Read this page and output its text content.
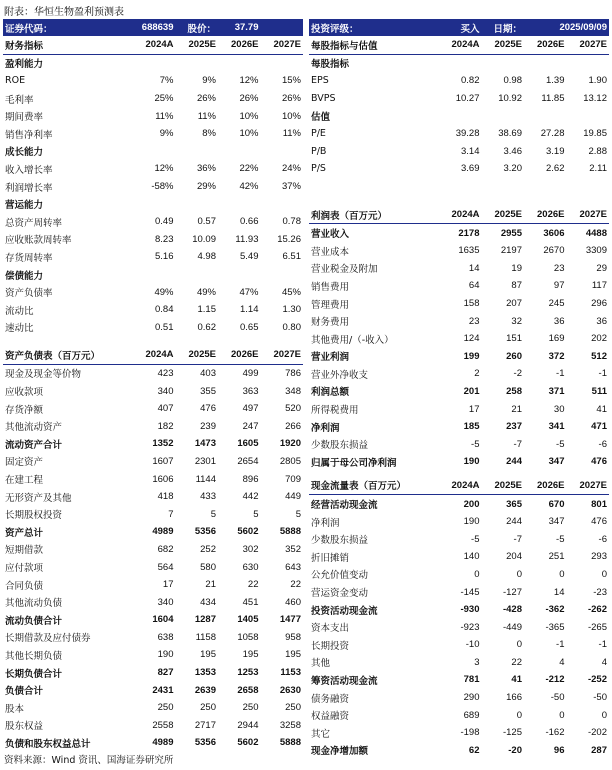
附表：华恒生物盈利预测表
证券代码：	688639	股价：	37.79	
财务指标	2024A	2025E	2026E	2027E
盈利能力				
ROE	7%	9%	12%	15%
毛利率	25%	26%	26%	26%
期间费率	11%	11%	10%	10%
销售净利率	9%	8%	10%	11%
成长能力				
收入增长率	12%	36%	22%	24%
利润增长率	-58%	29%	42%	37%
营运能力				
总资产周转率	0.49	0.57	0.66	0.78
应收账款周转率	8.23	10.09	11.93	15.26
存货周转率	5.16	4.98	5.49	6.51
偿债能力				
资产负债率	49%	49%	47%	45%
流动比	0.84	1.15	1.14	1.30
速动比	0.51	0.62	0.65	0.80
资产负债表（百万元）	2024A	2025E	2026E	2027E
现金及现金等价物	423	403	499	786
应收款项	340	355	363	348
存货净额	407	476	497	520
其他流动资产	182	239	247	266
流动资产合计	1352	1473	1605	1920
固定资产	1607	2301	2654	2805
在建工程	1606	1144	896	709
无形资产及其他	418	433	442	449
长期股权投资	7	5	5	5
资产总计	4989	5356	5602	5888
短期借款	682	252	302	352
应付款项	564	580	630	643
合同负债	17	21	22	22
其他流动负债	340	434	451	460
流动负债合计	1604	1287	1405	1477
长期借款及应付债券	638	1158	1058	958
其他长期负债	190	195	195	195
长期负债合计	827	1353	1253	1153
负债合计	2431	2639	2658	2630
股本	250	250	250	250
股东权益	2558	2717	2944	3258
负债和股东权益总计	4989	5356	5602	5888
投资评级：	买入	日期：	2025/09/09
每股指标与估值	2024A	2025E	2026E	2027E
每股指标				
EPS	0.82	0.98	1.39	1.90
BVPS	10.27	10.92	11.85	13.12
估值				
P/E	39.28	38.69	27.28	19.85
P/B	3.14	3.46	3.19	2.88
P/S	3.69	3.20	2.62	2.11
利润表（百万元）	2024A	2025E	2026E	2027E
营业收入	2178	2955	3606	4488
营业成本	1635	2197	2670	3309
营业税金及附加	14	19	23	29
销售费用	64	87	97	117
管理费用	158	207	245	296
财务费用	23	32	36	36
其他费用/（-收入）	124	151	169	202
营业利润	199	260	372	512
营业外净收支	2	-2	-1	-1
利润总额	201	258	371	511
所得税费用	17	21	30	41
净利润	185	237	341	471
少数股东损益	-5	-7	-5	-6
归属于母公司净利润	190	244	347	476
现金流量表（百万元）	2024A	2025E	2026E	2027E
经营活动现金流	200	365	670	801
净利润	190	244	347	476
少数股东损益	-5	-7	-5	-6
折旧摊销	140	204	251	293
公允价值变动	0	0	0	0
营运资金变动	-145	-127	14	-23
投资活动现金流	-930	-428	-362	-262
资本支出	-923	-449	-365	-265
长期投资	-10	0	-1	-1
其他	3	22	4	4
筹资活动现金流	781	41	-212	-252
债务融资	290	166	-50	-50
权益融资	689	0	0	0
其它	-198	-125	-162	-202
现金净增加额	62	-20	96	287
资料来源：Wind 资讯、国海证券研究所
